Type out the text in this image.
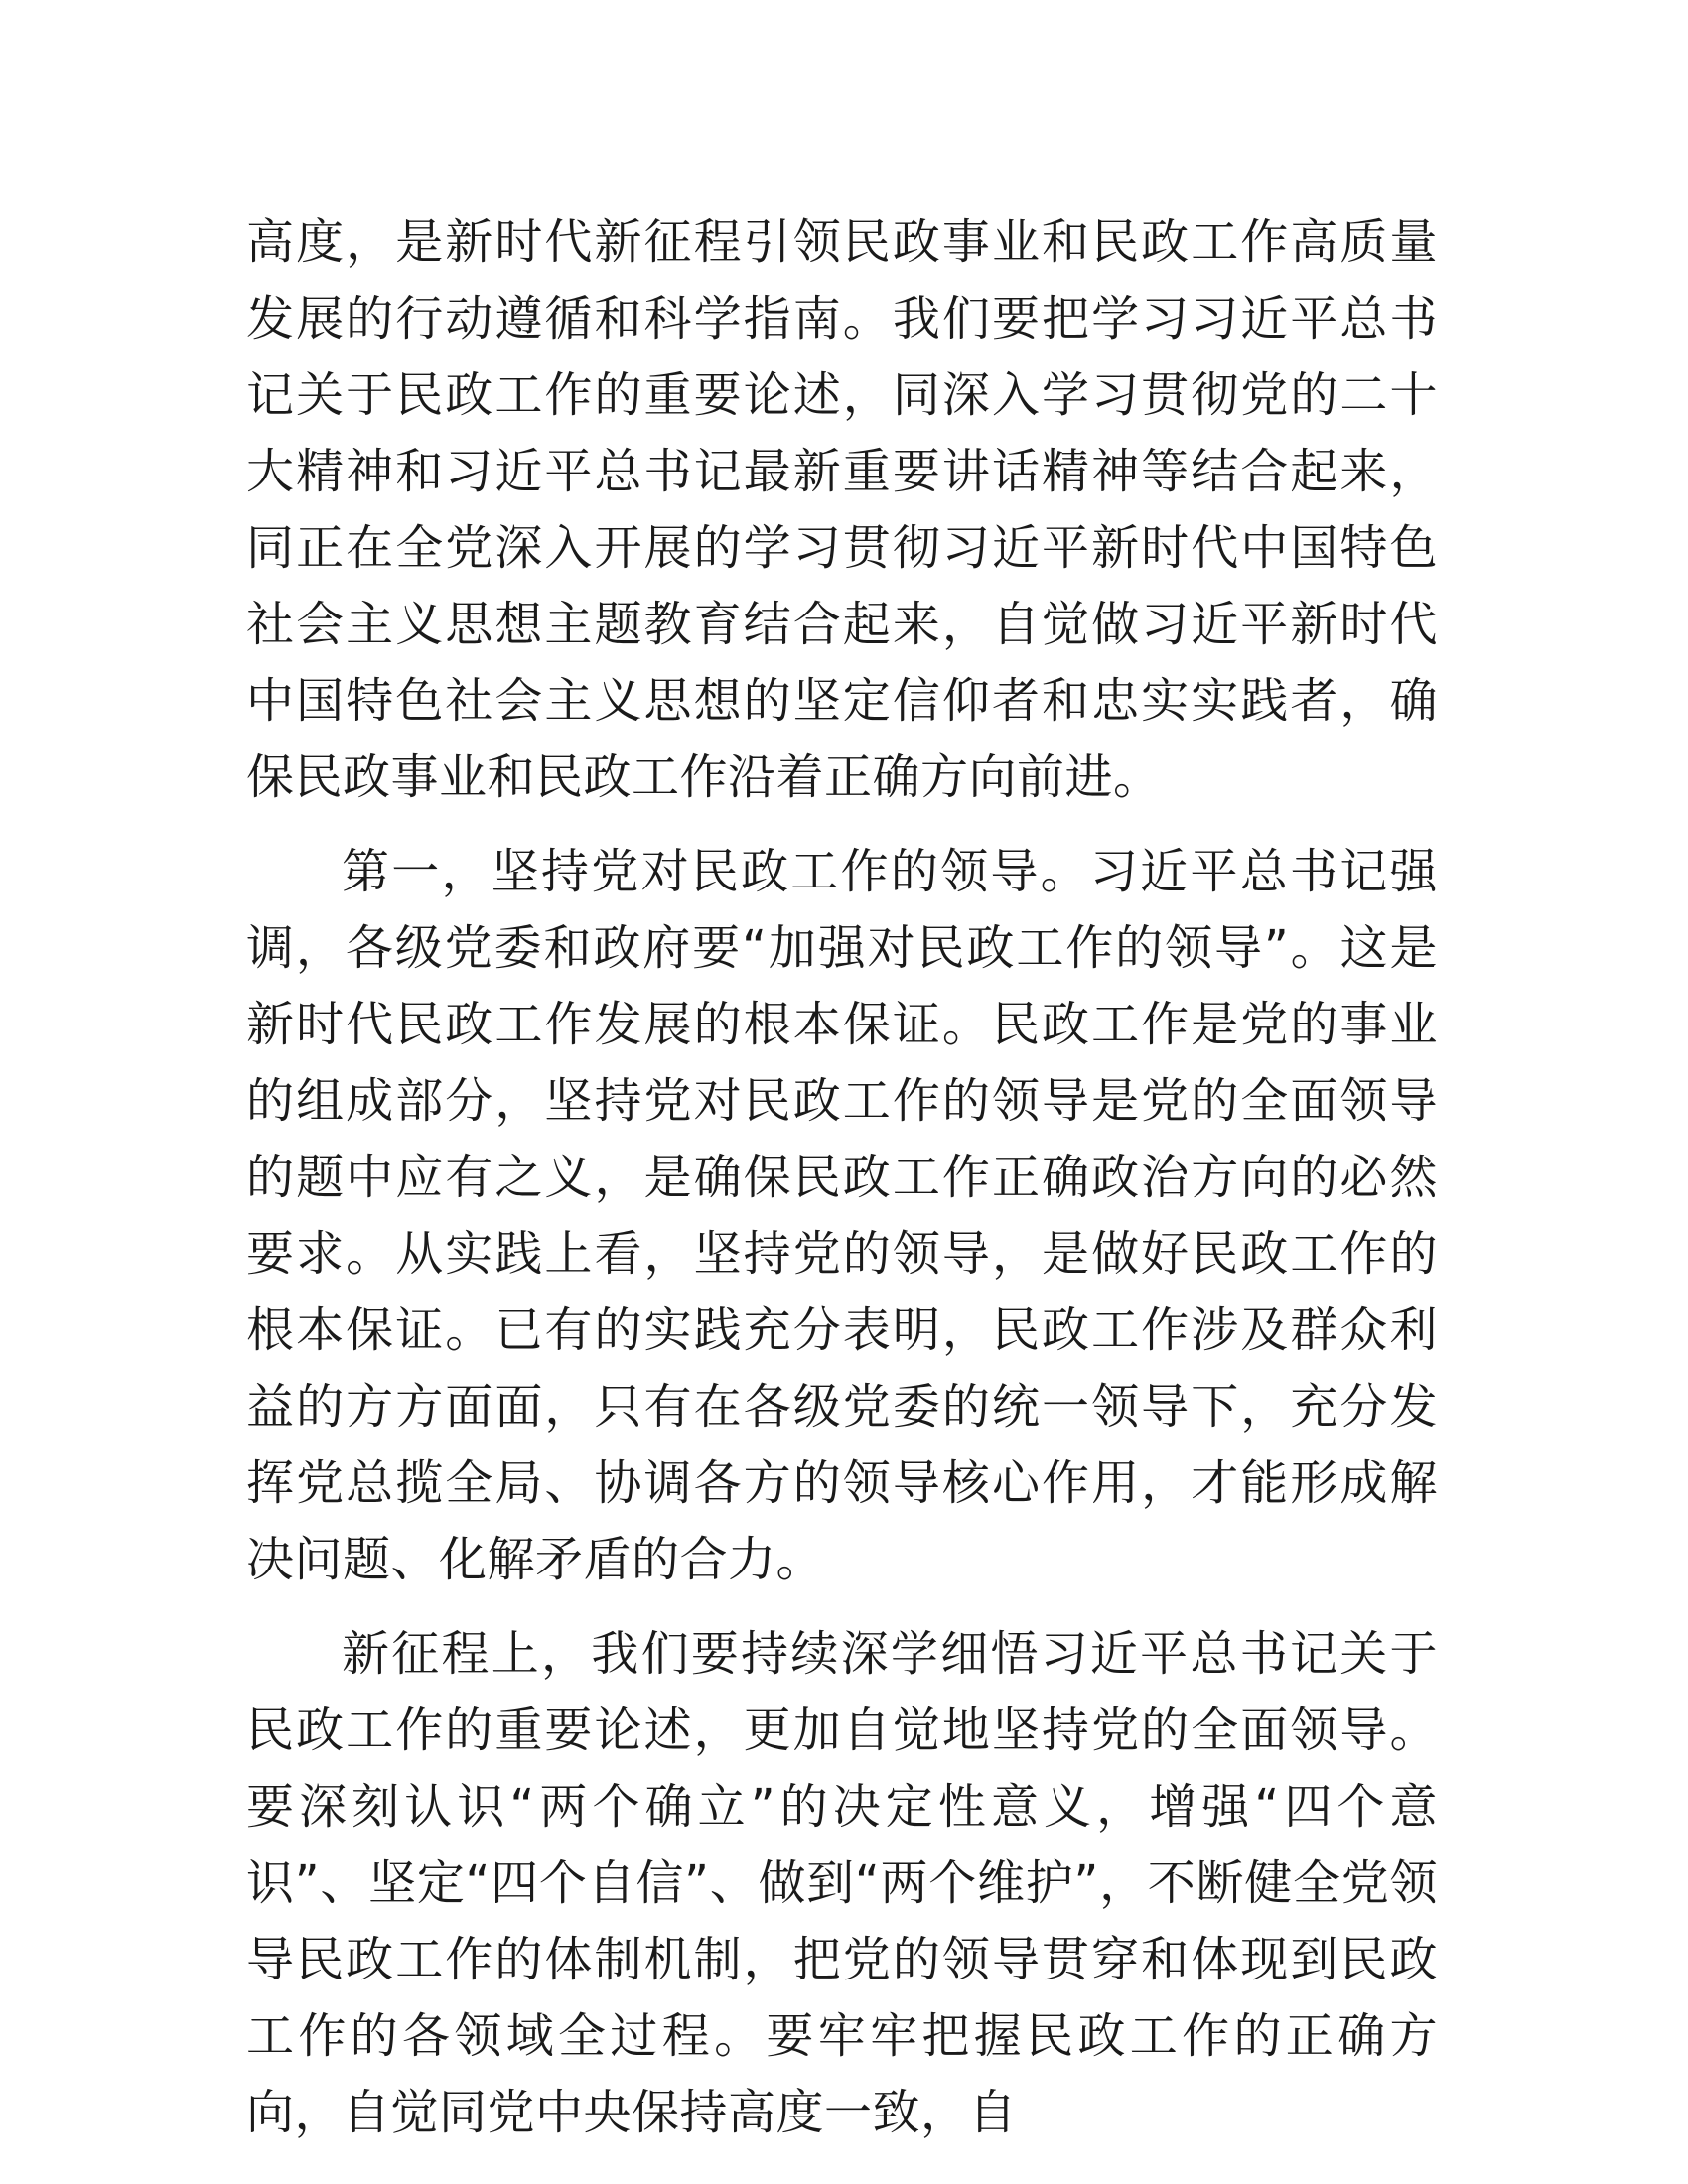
高度，是新时代新征程引领民政事业和民政工作高质量发展的行动遵循和科学指南。我们要把学习习近平总书记关于民政工作的重要论述，同深入学习贯彻党的二十大精神和习近平总书记最新重要讲话精神等结合起来，同正在全党深入开展的学习贯彻习近平新时代中国特色社会主义思想主题教育结合起来，自觉做习近平新时代中国特色社会主义思想的坚定信仰者和忠实实践者，确保民政事业和民政工作沿着正确方向前进。

第一，坚持党对民政工作的领导。习近平总书记强调，各级党委和政府要“加强对民政工作的领导”。这是新时代民政工作发展的根本保证。民政工作是党的事业的组成部分，坚持党对民政工作的领导是党的全面领导的题中应有之义，是确保民政工作正确政治方向的必然要求。从实践上看，坚持党的领导，是做好民政工作的根本保证。已有的实践充分表明，民政工作涉及群众利益的方方面面，只有在各级党委的统一领导下，充分发挥党总揽全局、协调各方的领导核心作用，才能形成解决问题、化解矛盾的合力。

新征程上，我们要持续深学细悟习近平总书记关于民政工作的重要论述，更加自觉地坚持党的全面领导。要深刻认识“两个确立”的决定性意义，增强“四个意识”、坚定“四个自信”、做到“两个维护”，不断健全党领导民政工作的体制机制，把党的领导贯穿和体现到民政工作的各领域全过程。要牢牢把握民政工作的正确方向，自觉同党中央保持高度一致，自
